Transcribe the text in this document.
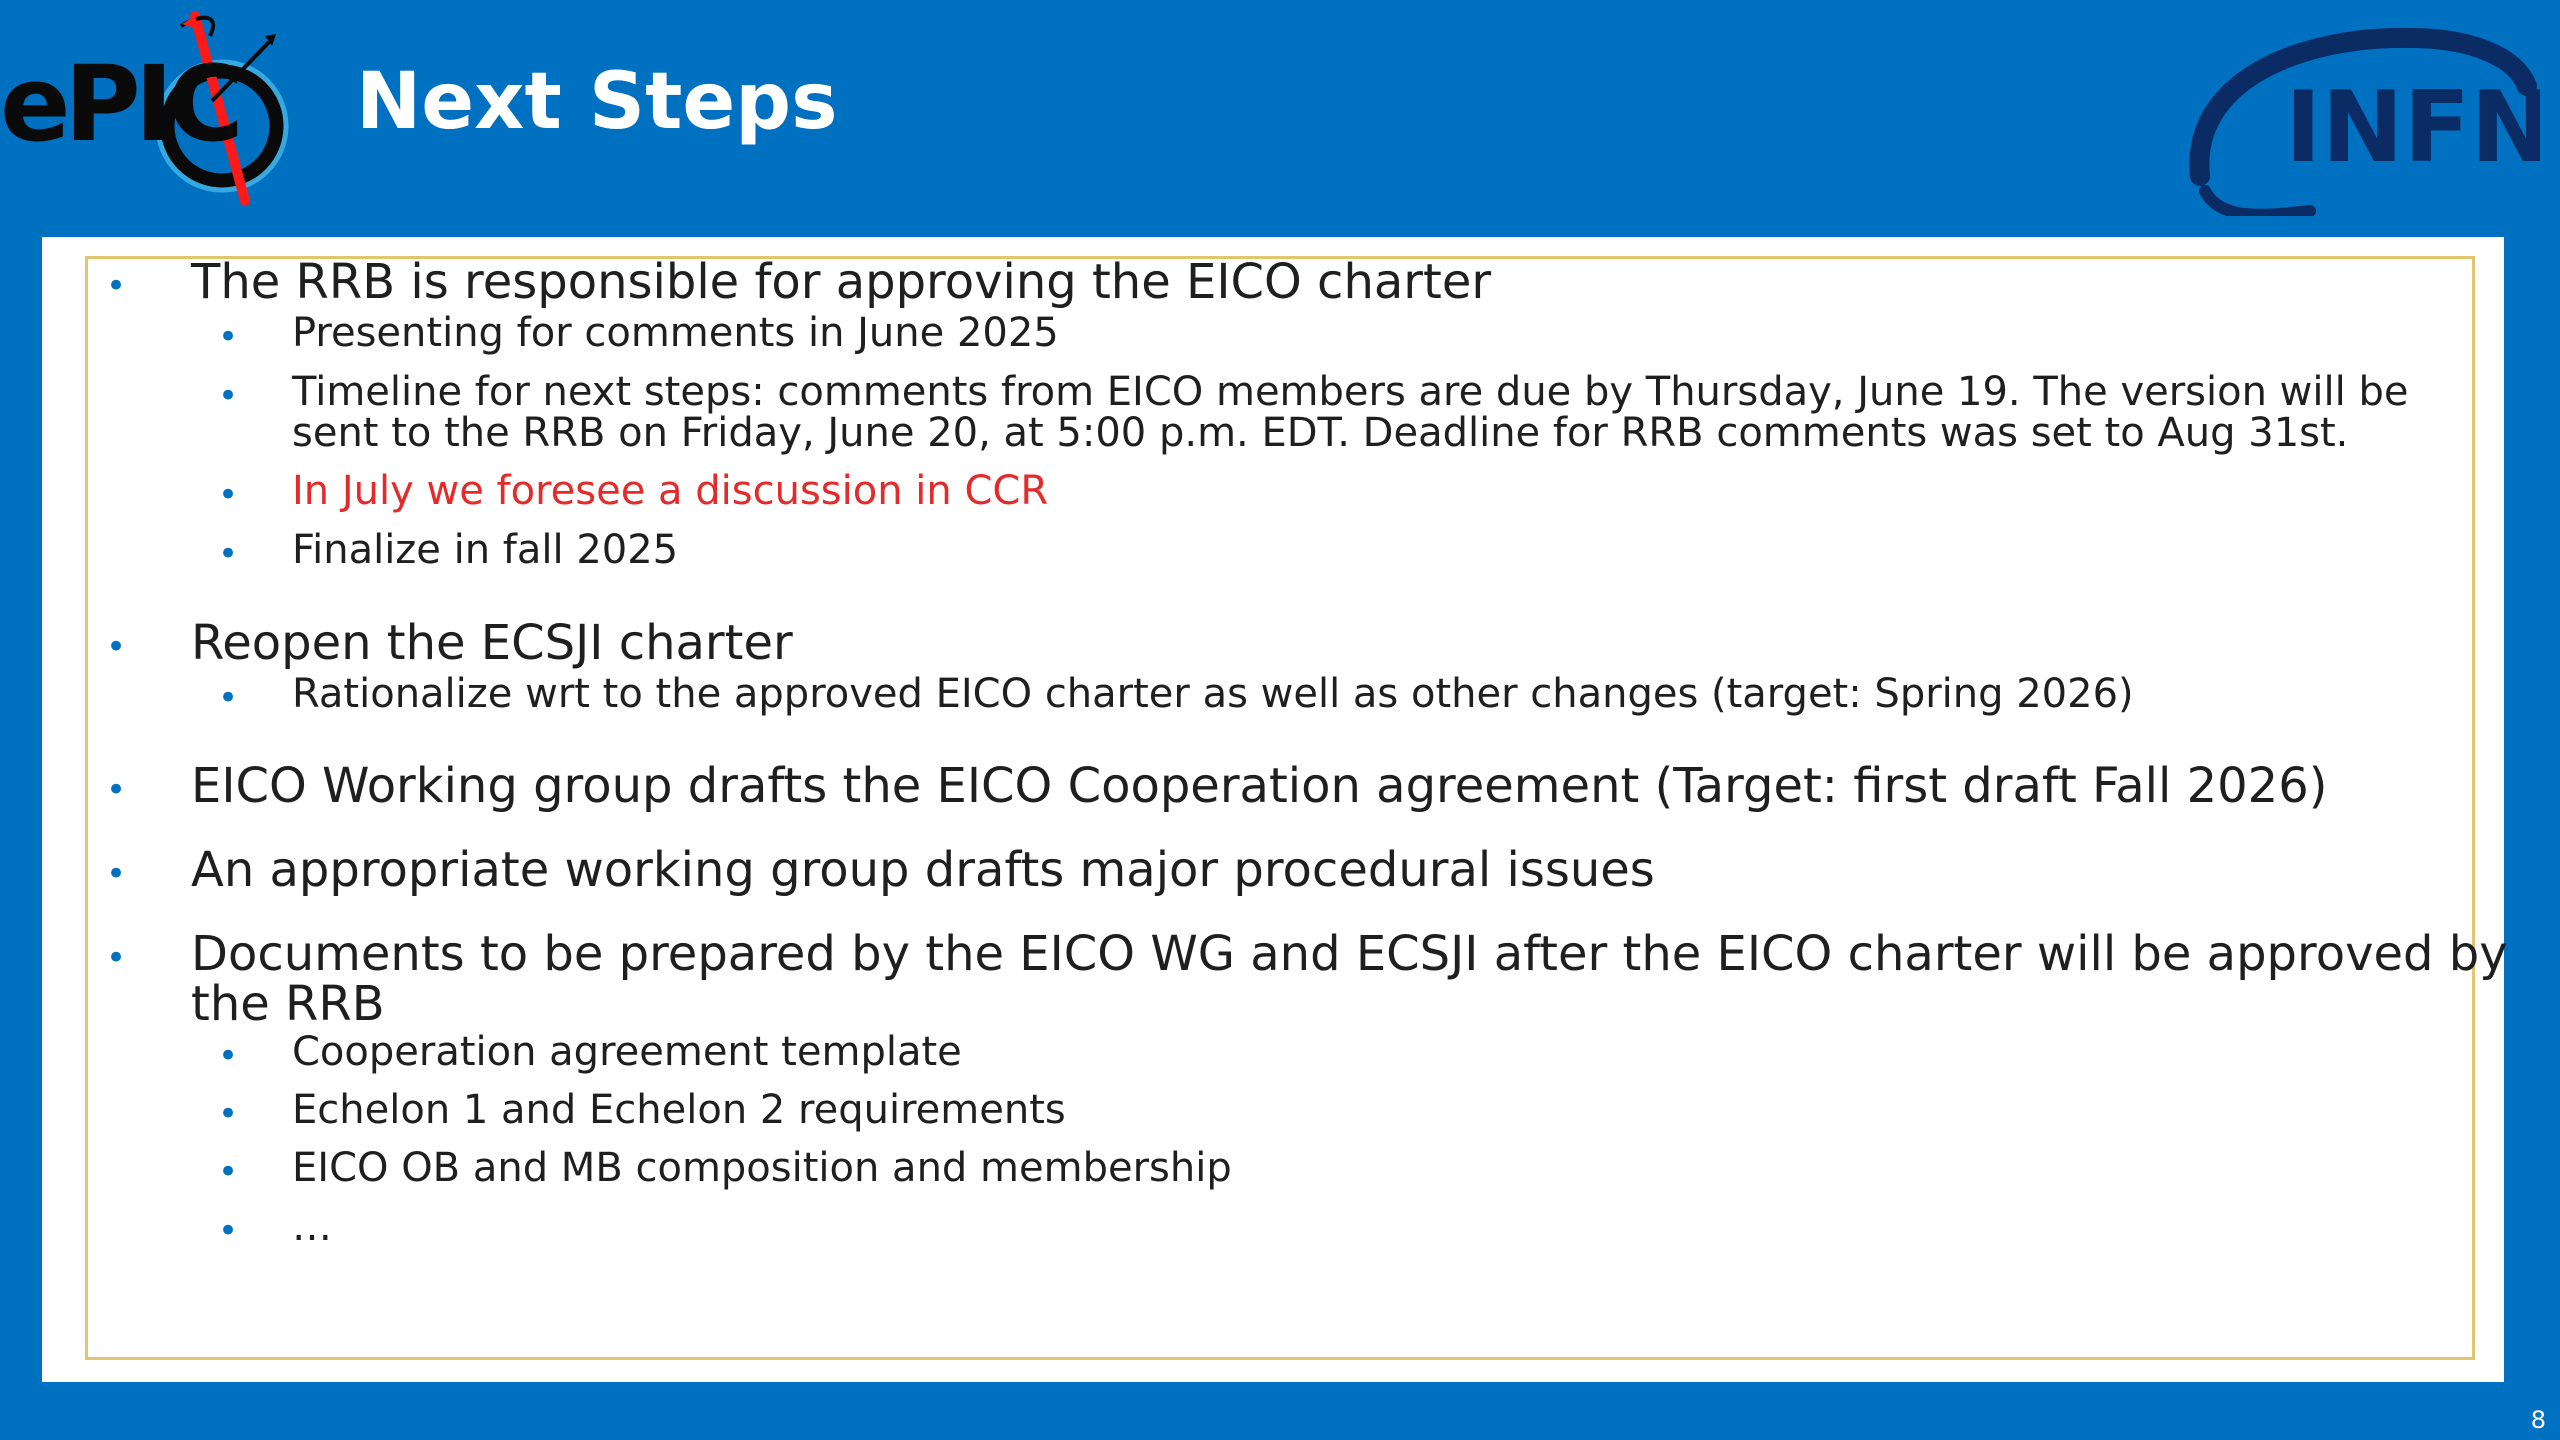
ePIC Next Steps	INFN
• The RRB is responsible for approving the EICO charter
• Presenting for comments in June 2025
• Timeline for next steps: comments from EICO members are due by Thursday, June 19. The version will be
sent to the RRB on Friday, June 20, at 5:00 p.m. EDT. Deadline for RRB comments was set to Aug 31st.
• In July we foresee a discussion in CCR
• Finalize in fall 2025
• Reopen the ECSJI charter
• Rationalize wrt to the approved EICO charter as well as other changes (target: Spring 2026)
• EICO Working group drafts the EICO Cooperation agreement (Target: first draft Fall 2026)
• An appropriate working group drafts major procedural issues
• Documents to be prepared by the EICO WG and ECSJI after the EICO charter will be approved by
the RRB
• Cooperation agreement template
• Echelon 1 and Echelon 2 requirements
• EICO OB and MB composition and membership
• …
8
